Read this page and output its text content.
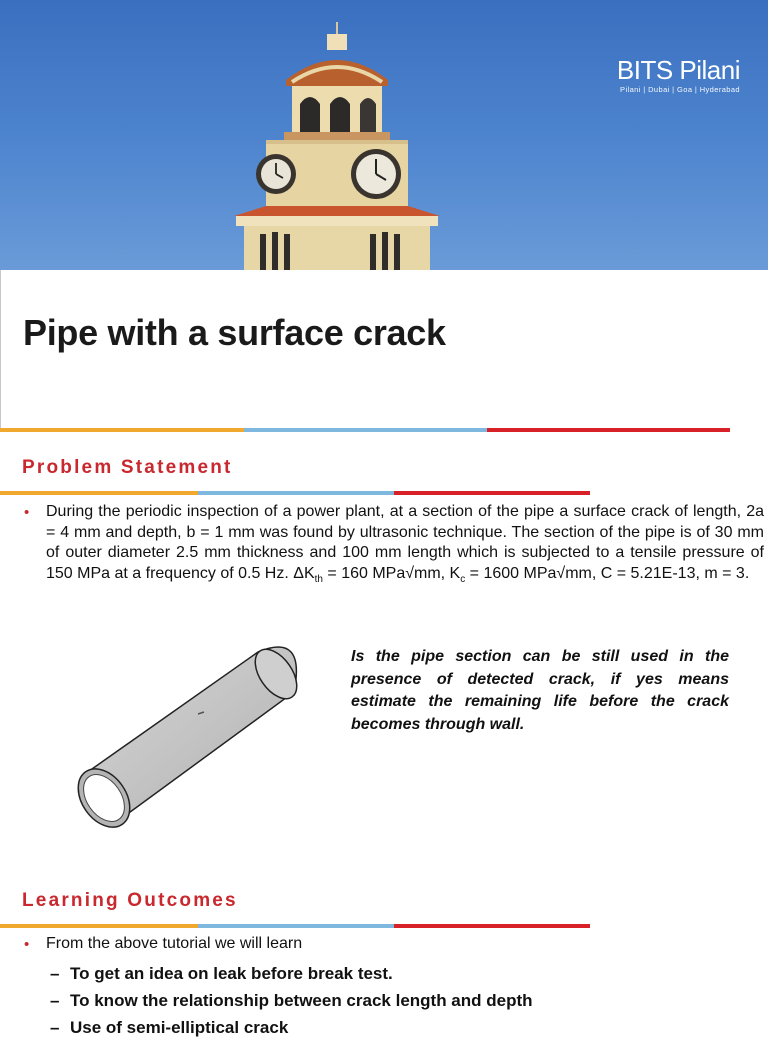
BITS Pilani
Pilani | Dubai | Goa | Hyderabad
Pipe with a surface crack
Problem Statement
•	During the periodic inspection of a power plant, at a section of the pipe a surface crack of length, 2a = 4 mm and depth, b = 1 mm was found by ultrasonic technique. The section of the pipe is of 30 mm of outer diameter 2.5 mm thickness and 100 mm length which is subjected to a tensile pressure of 150 MPa at a frequency of 0.5 Hz. $\Delta K_{th} = 160$ MPa√mm, $K_c = 1600$ MPa√mm, C = 5.21E-13, m = 3.

Is the pipe section can be still used in the presence of detected crack, if yes means estimate the remaining life before the crack becomes through wall.

Learning Outcomes
•	From the above tutorial we will learn

– To get an idea on leak before break test.
– To know the relationship between crack length and depth
– Use of semi-elliptical crack
